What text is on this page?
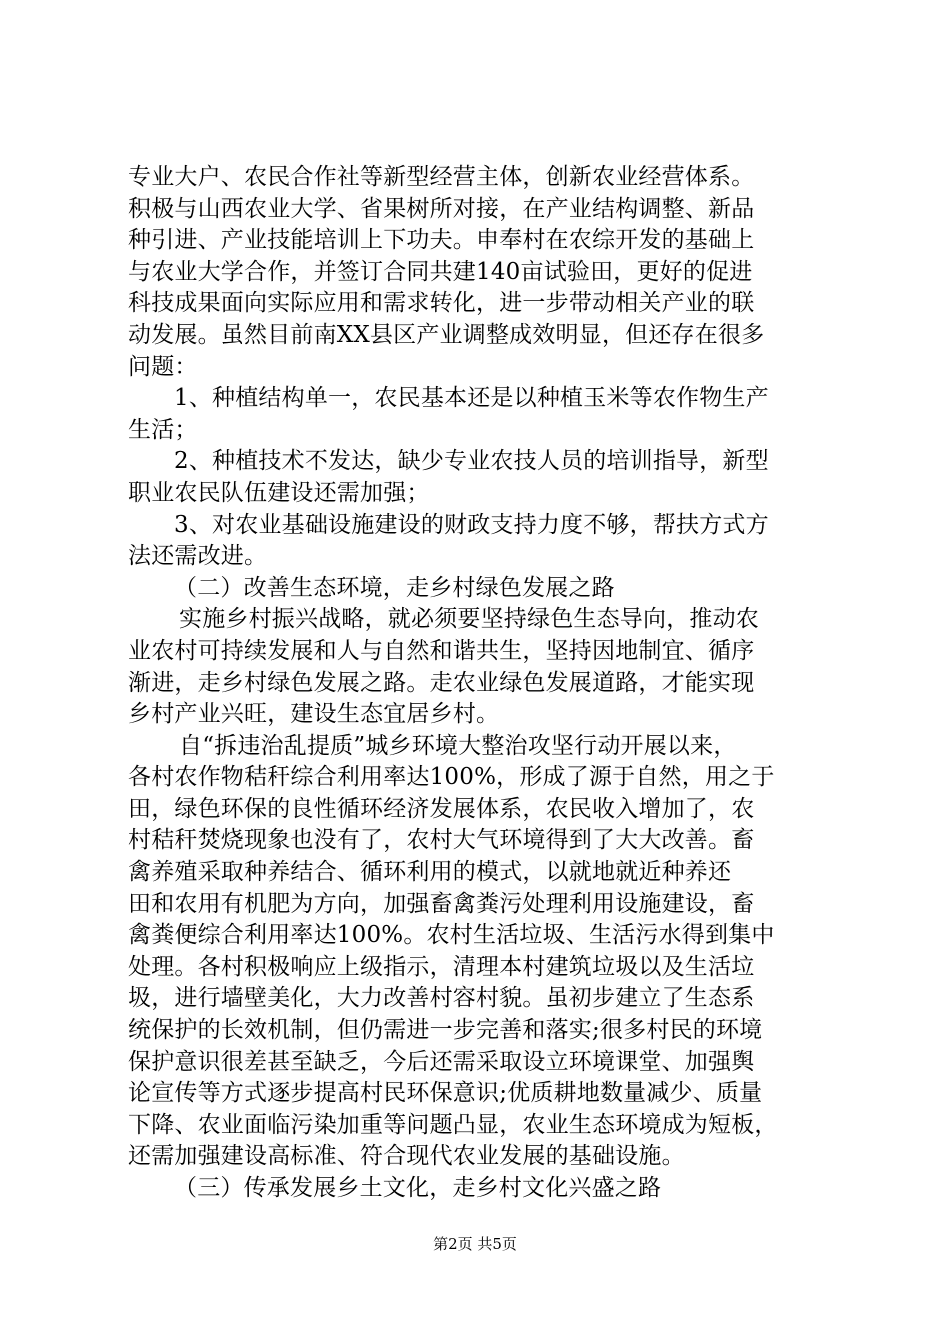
专业大户、农民合作社等新型经营主体，创新农业经营体系。
积极与山西农业大学、省果树所对接，在产业结构调整、新品
种引进、产业技能培训上下功夫。申奉村在农综开发的基础上
与农业大学合作，并签订合同共建140亩试验田，更好的促进
科技成果面向实际应用和需求转化，进一步带动相关产业的联
动发展。虽然目前南XX县区产业调整成效明显，但还存在很多
问题：
1、种植结构单一，农民基本还是以种植玉米等农作物生产
生活；
2、种植技术不发达，缺少专业农技人员的培训指导，新型
职业农民队伍建设还需加强；
3、对农业基础设施建设的财政支持力度不够，帮扶方式方
法还需改进。
（二）改善生态环境，走乡村绿色发展之路
实施乡村振兴战略，就必须要坚持绿色生态导向，推动农
业农村可持续发展和人与自然和谐共生，坚持因地制宜、循序
渐进，走乡村绿色发展之路。走农业绿色发展道路，才能实现
乡村产业兴旺，建设生态宜居乡村。
自“拆违治乱提质”城乡环境大整治攻坚行动开展以来，
各村农作物秸秆综合利用率达100%，形成了源于自然，用之于
田，绿色环保的良性循环经济发展体系，农民收入增加了，农
村秸秆焚烧现象也没有了，农村大气环境得到了大大改善。畜
禽养殖采取种养结合、循环利用的模式，以就地就近种养还
田和农用有机肥为方向，加强畜禽粪污处理利用设施建设，畜
禽粪便综合利用率达100%。农村生活垃圾、生活污水得到集中
处理。各村积极响应上级指示，清理本村建筑垃圾以及生活垃
圾，进行墙壁美化，大力改善村容村貌。虽初步建立了生态系
统保护的长效机制，但仍需进一步完善和落实;很多村民的环境
保护意识很差甚至缺乏，今后还需采取设立环境课堂、加强舆
论宣传等方式逐步提高村民环保意识;优质耕地数量减少、质量
下降、农业面临污染加重等问题凸显，农业生态环境成为短板，
还需加强建设高标准、符合现代农业发展的基础设施。
（三）传承发展乡土文化，走乡村文化兴盛之路
第2页 共5页
